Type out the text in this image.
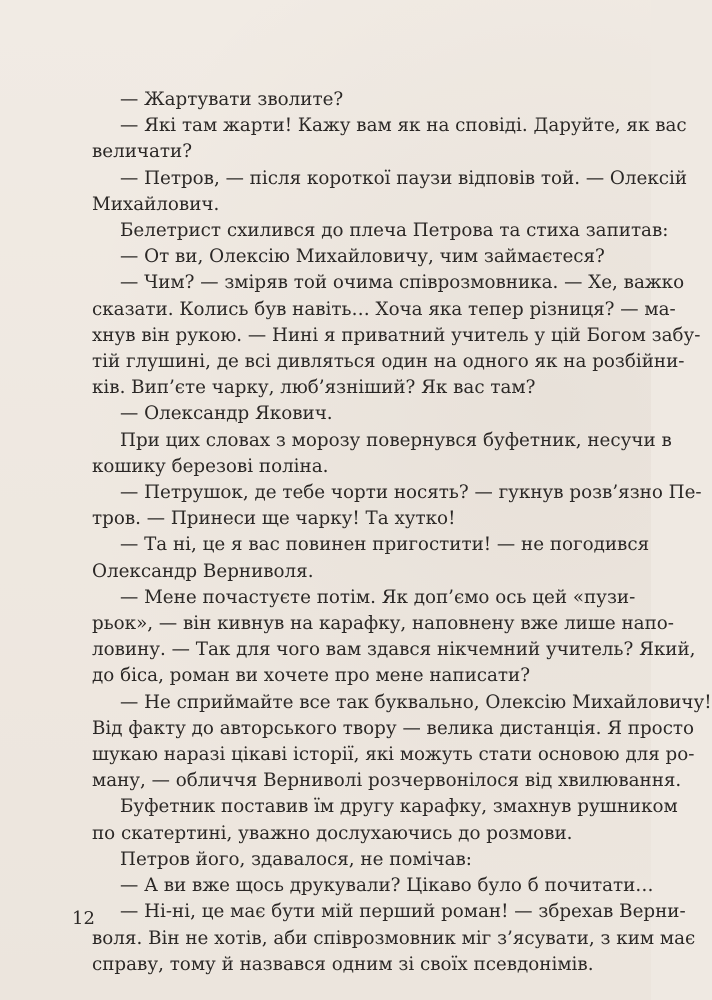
— Жартувати зволите?
— Які там жарти! Кажу вам як на сповіді. Даруйте, як вас
величати?
— Петров, — після короткої паузи відповів той. — Олексій
Михайлович.
Белетрист схилився до плеча Петрова та стиха запитав:
— От ви, Олексію Михайловичу, чим займаєтеся?
— Чим? — зміряв той очима співрозмовника. — Хе, важко
сказати. Колись був навіть… Хоча яка тепер різниця? — ма-
хнув він рукою. — Нині я приватний учитель у цій Богом забу-
тій глушині, де всі дивляться один на одного як на розбійни-
ків. Вип’єте чарку, люб’язніший? Як вас там?
— Олександр Якович.
При цих словах з морозу повернувся буфетник, несучи в
кошику березові поліна.
— Петрушок, де тебе чорти носять? — гукнув розв’язно Пе-
тров. — Принеси ще чарку! Та хутко!
— Та ні, це я вас повинен пригостити! — не погодився
Олександр Верниволя.
— Мене почастуєте потім. Як доп’ємо ось цей «пузи-
рьок», — він кивнув на карафку, наповнену вже лише напо-
ловину. — Так для чого вам здався нікчемний учитель? Який,
до біса, роман ви хочете про мене написати?
— Не сприймайте все так буквально, Олексію Михайловичу!
Від факту до авторського твору — велика дистанція. Я просто
шукаю наразі цікаві історії, які можуть стати основою для ро-
ману, — обличчя Верниволі розчервонілося від хвилювання.
Буфетник поставив їм другу карафку, змахнув рушником
по скатертині, уважно дослухаючись до розмови.
Петров його, здавалося, не помічав:
— А ви вже щось друкували? Цікаво було б почитати…
— Ні-ні, це має бути мій перший роман! — збрехав Верни-
воля. Він не хотів, аби співрозмовник міг з’ясувати, з ким має
справу, тому й назвався одним зі своїх псевдонімів.
12
